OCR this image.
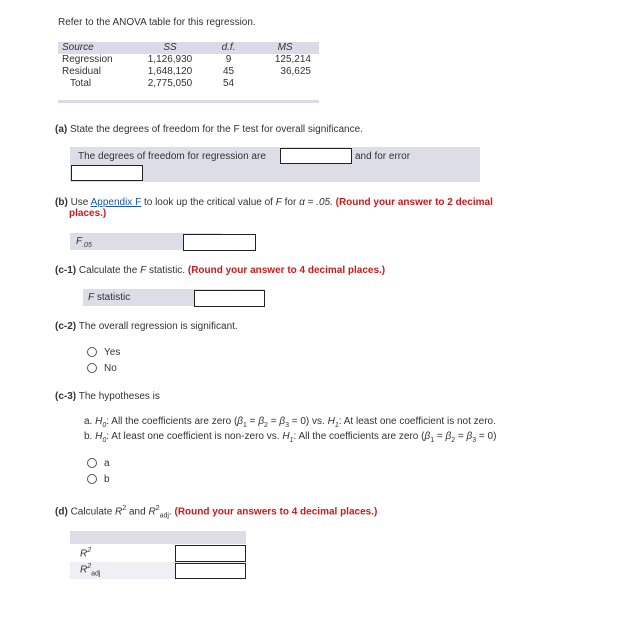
Refer to the ANOVA table for this regression.
Source	SS	d.f.	MS
Regression	1,126,930	9	125,214
Residual	1,648,120	45	36,625
Total	2,775,050	54	
(a) State the degrees of freedom for the F test for overall significance.
The degrees of freedom for regression are	and for error
(b) Use Appendix F to look up the critical value of F for α = .05. (Round your answer to 2 decimal
places.)
$F_{.05}$
(c-1) Calculate the F statistic. (Round your answer to 4 decimal places.)
F statistic
(c-2) The overall regression is significant.
Yes
No
(c-3) The hypotheses is
a. $H_0$: All the coefficients are zero $(\beta_1 = \beta_2 = \beta_3 = 0)$ vs. $H_1$: At least one coefficient is not zero.
b. $H_0$: At least one coefficient is non-zero vs. $H_1$: All the coefficients are zero $(\beta_1 = \beta_2 = \beta_3 = 0)$
a
b
(d) Calculate $R^2$ and $R^2_{adj}$. (Round your answers to 4 decimal places.)
$R^2$
$R^2_{adj}$
